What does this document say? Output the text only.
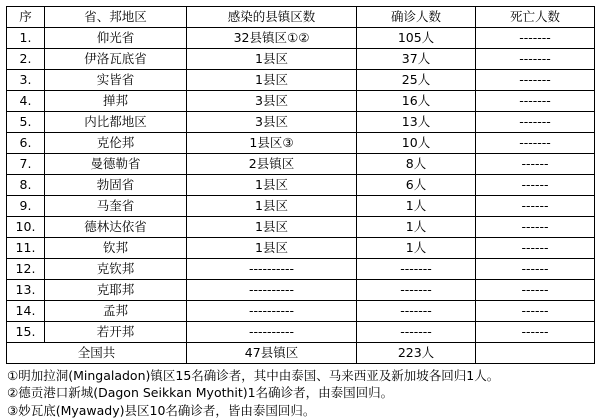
序	省、邦地区	感染的县镇区数	确诊人数	死亡人数
1.	仰光省	32县镇区①②	105人	-------
2.	伊洛瓦底省	1县区	37人	-------
3.	实皆省	1县区	25人	-------
4.	掸邦	3县区	16人	-------
5.	内比都地区	3县区	13人	-------
6.	克伦邦	1县区③	10人	-------
7.	曼德勒省	2县镇区	8人	------
8.	勃固省	1县区	6人	------
9.	马奎省	1县区	1人	------
10.	德林达依省	1县区	1人	------
11.	钦邦	1县区	1人	------
12.	克钦邦	----------	-------	------
13.	克耶邦	----------	-------	------
14.	孟邦	----------	-------	------
15.	若开邦	----------	-------	------
全国共		47县镇区	223人	
①明加拉洞(Mingaladon)镇区15名确诊者，其中由泰国、马来西亚及新加坡各回归1人。
②德贡港口新城(Dagon Seikkan Myothit)1名确诊者，由泰国回归。
③妙瓦底(Myawady)县区10名确诊者，皆由泰国回归。
